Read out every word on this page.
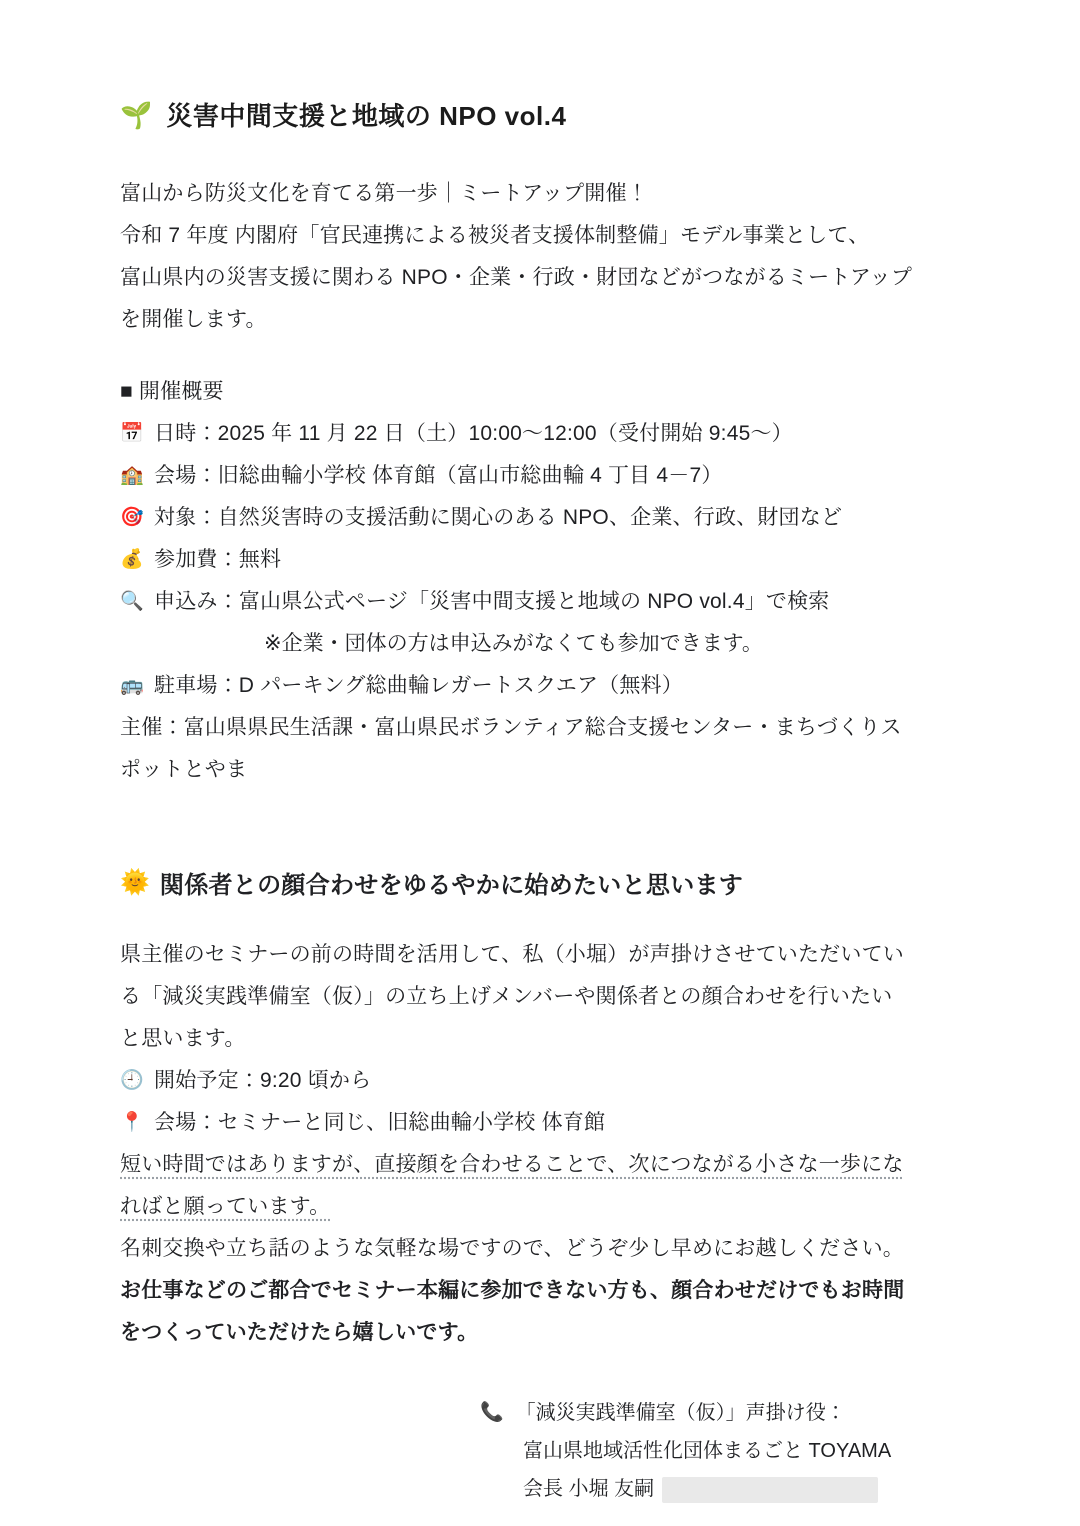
🌱 災害中間支援と地域の NPO vol.4
富山から防災文化を育てる第一歩｜ミートアップ開催！
令和 7 年度 内閣府「官民連携による被災者支援体制整備」モデル事業として、
富山県内の災害支援に関わる NPO・企業・行政・財団などがつながるミートアップ
を開催します。
■ 開催概要
📅 日時：2025 年 11 月 22 日（土）10:00〜12:00（受付開始 9:45〜）
🏫 会場：旧総曲輪小学校 体育館（富山市総曲輪 4 丁目 4－7）
🎯 対象：自然災害時の支援活動に関心のある NPO、企業、行政、財団など
💰 参加費：無料
🔍 申込み：富山県公式ページ「災害中間支援と地域の NPO vol.4」で検索
※企業・団体の方は申込みがなくても参加できます。
🚌 駐車場：D パーキング総曲輪レガートスクエア（無料）
主催：富山県県民生活課・富山県民ボランティア総合支援センター・まちづくりス
ポットとやま
🌞 関係者との顔合わせをゆるやかに始めたいと思います
県主催のセミナーの前の時間を活用して、私（小堀）が声掛けさせていただいてい
る「減災実践準備室（仮）」の立ち上げメンバーや関係者との顔合わせを行いたい
と思います。
🕘 開始予定：9:20 頃から
📍 会場：セミナーと同じ、旧総曲輪小学校 体育館
短い時間ではありますが、直接顔を合わせることで、次につながる小さな一歩にな
ればと願っています。
名刺交換や立ち話のような気軽な場ですので、どうぞ少し早めにお越しください。
お仕事などのご都合でセミナー本編に参加できない方も、顔合わせだけでもお時間
をつくっていただけたら嬉しいです。
📞 「減災実践準備室（仮）」声掛け役：
富山県地域活性化団体まるごと TOYAMA
会長 小堀 友嗣
